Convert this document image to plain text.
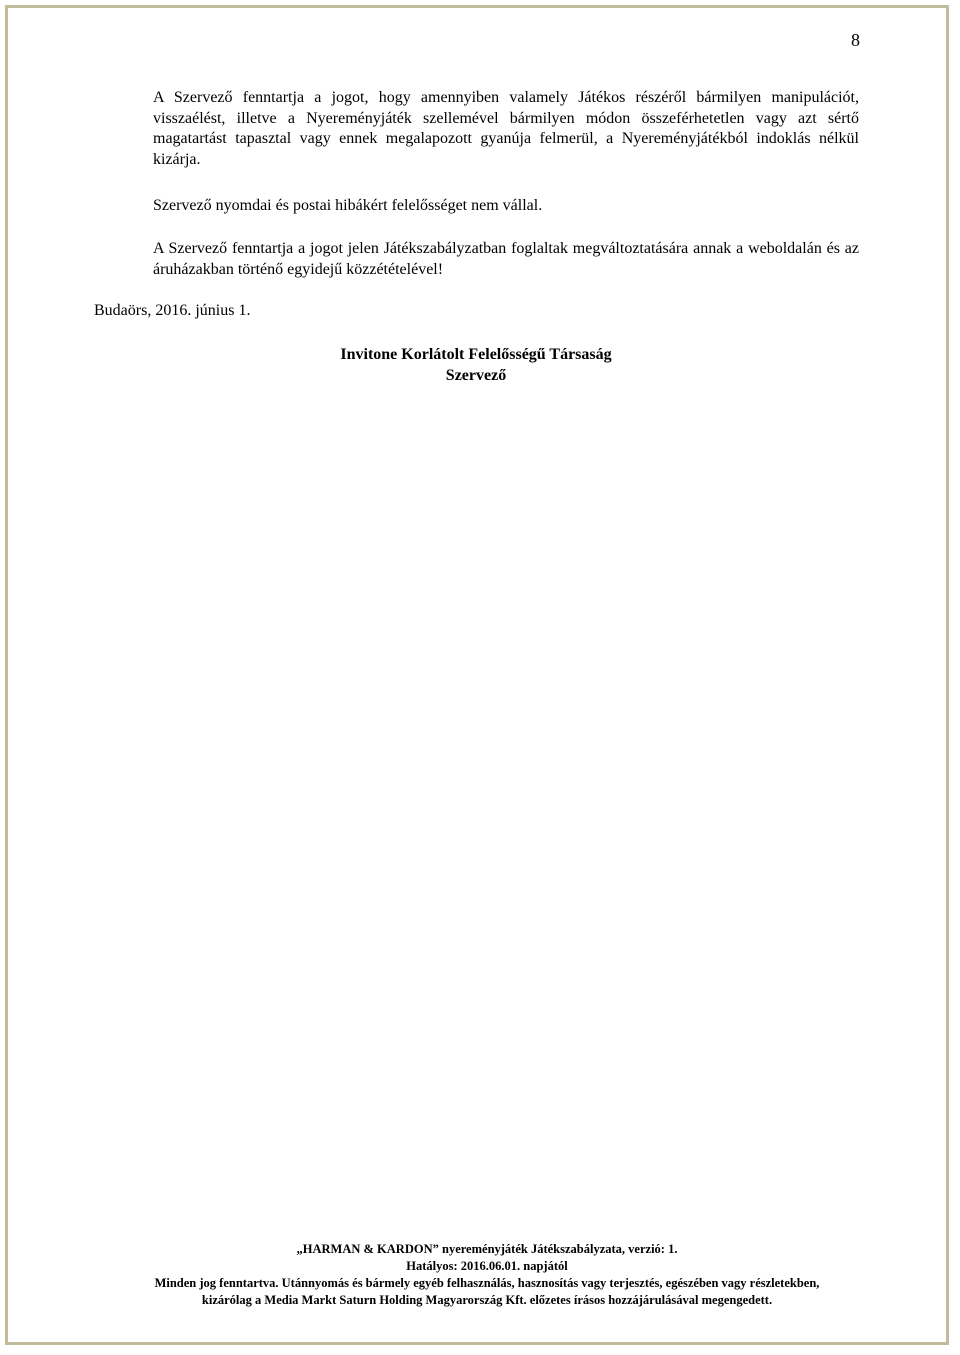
8

A Szervező fenntartja a jogot, hogy amennyiben valamely Játékos részéről bármilyen manipulációt, visszaélést, illetve a Nyereményjáték szellemével bármilyen módon összeférhetetlen vagy azt sértő magatartást tapasztal vagy ennek megalapozott gyanúja felmerül, a Nyereményjátékból indoklás nélkül kizárja.

Szervező nyomdai és postai hibákért felelősséget nem vállal.

A Szervező fenntartja a jogot jelen Játékszabályzatban foglaltak megváltoztatására annak a weboldalán és az áruházakban történő egyidejű közzétételével!

Budaörs, 2016. június 1.
Invitone Korlátolt Felelősségű Társaság
Szervező
„HARMAN & KARDON” nyereményjáték Játékszabályzata, verzió: 1.
Hatályos: 2016.06.01. napjától
Minden jog fenntartva. Utánnyomás és bármely egyéb felhasználás, hasznosítás vagy terjesztés, egészében vagy részletekben,
kizárólag a Media Markt Saturn Holding Magyarország Kft. előzetes írásos hozzájárulásával megengedett.
